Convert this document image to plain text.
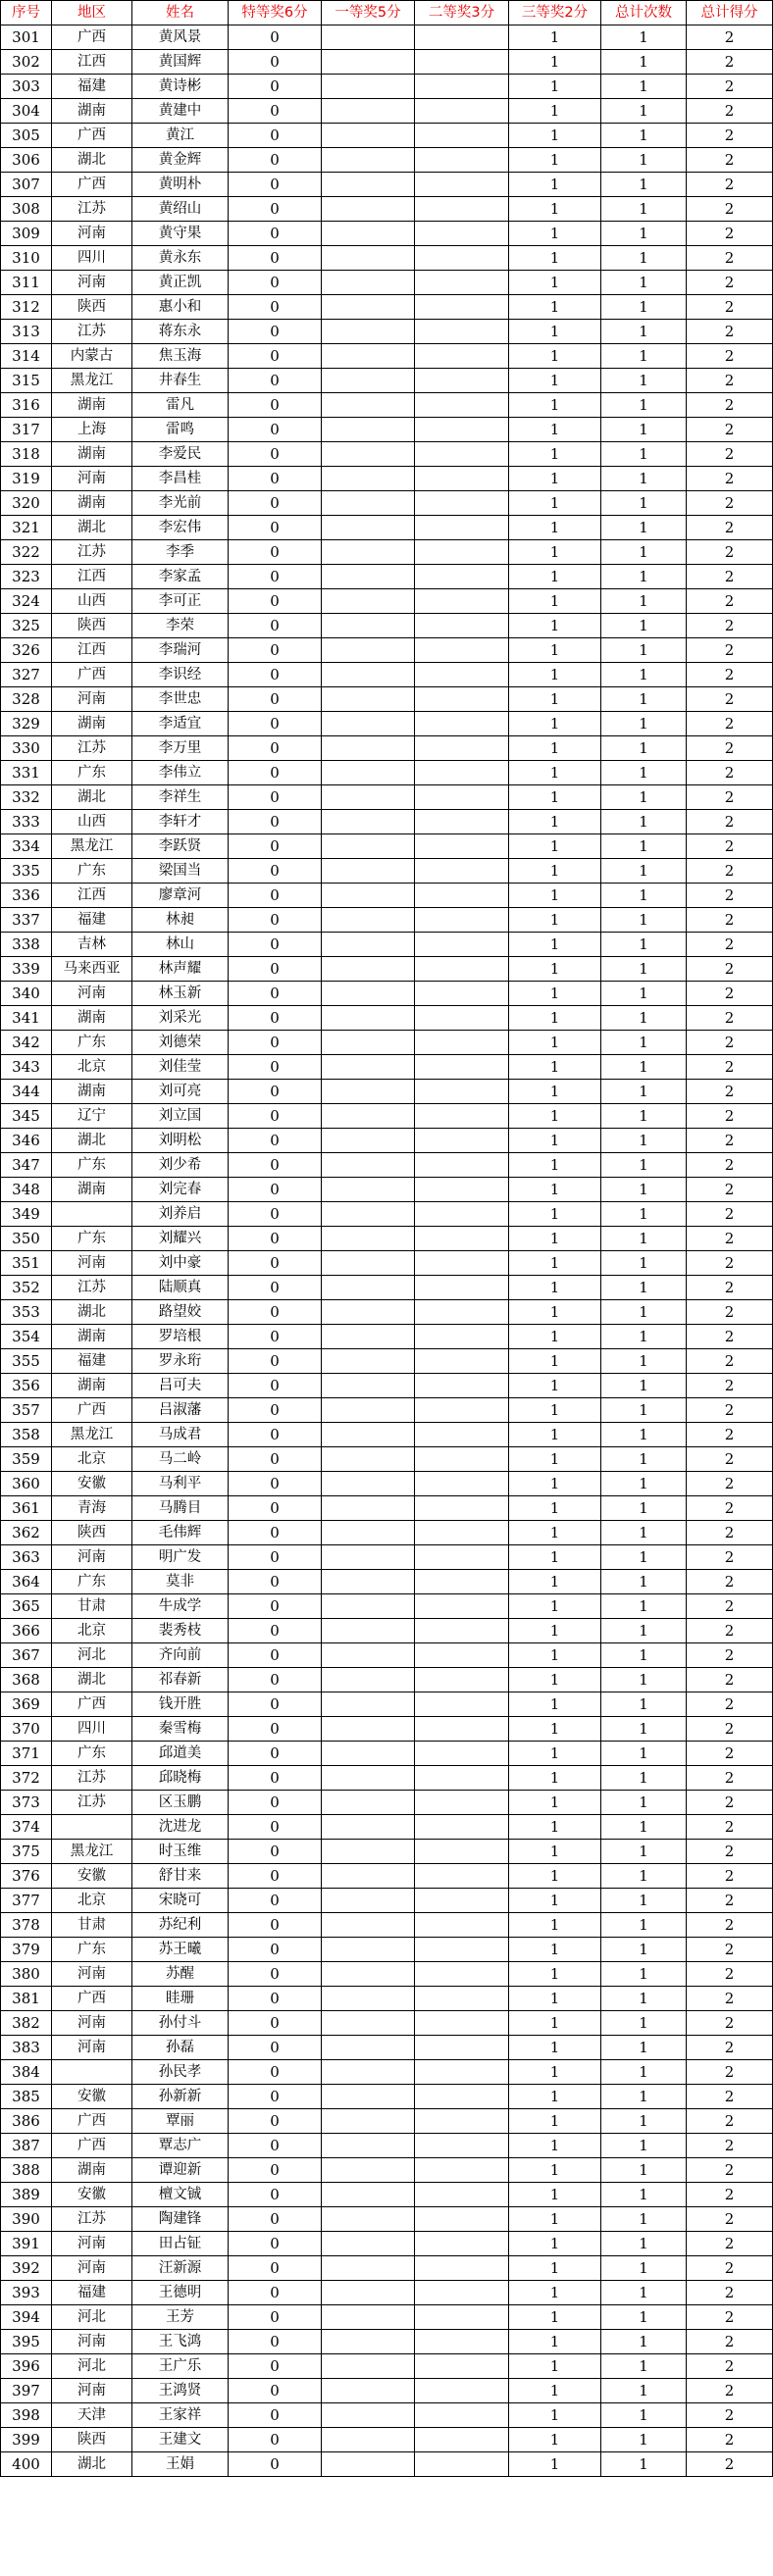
序号	地区	姓名	特等奖6分	一等奖5分	二等奖3分	三等奖2分	总计次数	总计得分
301	广西	黄风景	0			1	1	2
302	江西	黄国辉	0			1	1	2
303	福建	黄诗彬	0			1	1	2
304	湖南	黄建中	0			1	1	2
305	广西	黄江	0			1	1	2
306	湖北	黄金辉	0			1	1	2
307	广西	黄明朴	0			1	1	2
308	江苏	黄绍山	0			1	1	2
309	河南	黄守果	0			1	1	2
310	四川	黄永东	0			1	1	2
311	河南	黄正凯	0			1	1	2
312	陕西	惠小和	0			1	1	2
313	江苏	蒋东永	0			1	1	2
314	内蒙古	焦玉海	0			1	1	2
315	黑龙江	井春生	0			1	1	2
316	湖南	雷凡	0			1	1	2
317	上海	雷鸣	0			1	1	2
318	湖南	李爱民	0			1	1	2
319	河南	李昌桂	0			1	1	2
320	湖南	李光前	0			1	1	2
321	湖北	李宏伟	0			1	1	2
322	江苏	李季	0			1	1	2
323	江西	李家孟	0			1	1	2
324	山西	李可正	0			1	1	2
325	陕西	李荣	0			1	1	2
326	江西	李瑞河	0			1	1	2
327	广西	李识经	0			1	1	2
328	河南	李世忠	0			1	1	2
329	湖南	李适宜	0			1	1	2
330	江苏	李万里	0			1	1	2
331	广东	李伟立	0			1	1	2
332	湖北	李祥生	0			1	1	2
333	山西	李轩才	0			1	1	2
334	黑龙江	李跃贤	0			1	1	2
335	广东	梁国当	0			1	1	2
336	江西	廖章河	0			1	1	2
337	福建	林昶	0			1	1	2
338	吉林	林山	0			1	1	2
339	马来西亚	林声耀	0			1	1	2
340	河南	林玉新	0			1	1	2
341	湖南	刘采光	0			1	1	2
342	广东	刘德荣	0			1	1	2
343	北京	刘佳莹	0			1	1	2
344	湖南	刘可亮	0			1	1	2
345	辽宁	刘立国	0			1	1	2
346	湖北	刘明松	0			1	1	2
347	广东	刘少希	0			1	1	2
348	湖南	刘完春	0			1	1	2
349		刘养启	0			1	1	2
350	广东	刘耀兴	0			1	1	2
351	河南	刘中豪	0			1	1	2
352	江苏	陆顺真	0			1	1	2
353	湖北	路望姣	0			1	1	2
354	湖南	罗培根	0			1	1	2
355	福建	罗永珩	0			1	1	2
356	湖南	吕可夫	0			1	1	2
357	广西	吕淑藩	0			1	1	2
358	黑龙江	马成君	0			1	1	2
359	北京	马二岭	0			1	1	2
360	安徽	马利平	0			1	1	2
361	青海	马腾目	0			1	1	2
362	陕西	毛伟辉	0			1	1	2
363	河南	明广发	0			1	1	2
364	广东	莫非	0			1	1	2
365	甘肃	牛成学	0			1	1	2
366	北京	裴秀枝	0			1	1	2
367	河北	齐向前	0			1	1	2
368	湖北	祁春新	0			1	1	2
369	广西	钱开胜	0			1	1	2
370	四川	秦雪梅	0			1	1	2
371	广东	邱道美	0			1	1	2
372	江苏	邱晓梅	0			1	1	2
373	江苏	区玉鹏	0			1	1	2
374		沈进龙	0			1	1	2
375	黑龙江	时玉维	0			1	1	2
376	安徽	舒甘来	0			1	1	2
377	北京	宋晓可	0			1	1	2
378	甘肃	苏纪利	0			1	1	2
379	广东	苏王曦	0			1	1	2
380	河南	苏醒	0			1	1	2
381	广西	眭珊	0			1	1	2
382	河南	孙付斗	0			1	1	2
383	河南	孙磊	0			1	1	2
384		孙民孝	0			1	1	2
385	安徽	孙新新	0			1	1	2
386	广西	覃丽	0			1	1	2
387	广西	覃志广	0			1	1	2
388	湖南	谭迎新	0			1	1	2
389	安徽	檀文铖	0			1	1	2
390	江苏	陶建锋	0			1	1	2
391	河南	田占钲	0			1	1	2
392	河南	汪新源	0			1	1	2
393	福建	王德明	0			1	1	2
394	河北	王芳	0			1	1	2
395	河南	王飞鸿	0			1	1	2
396	河北	王广乐	0			1	1	2
397	河南	王鸿贤	0			1	1	2
398	天津	王家祥	0			1	1	2
399	陕西	王建文	0			1	1	2
400	湖北	王娟	0			1	1	2
